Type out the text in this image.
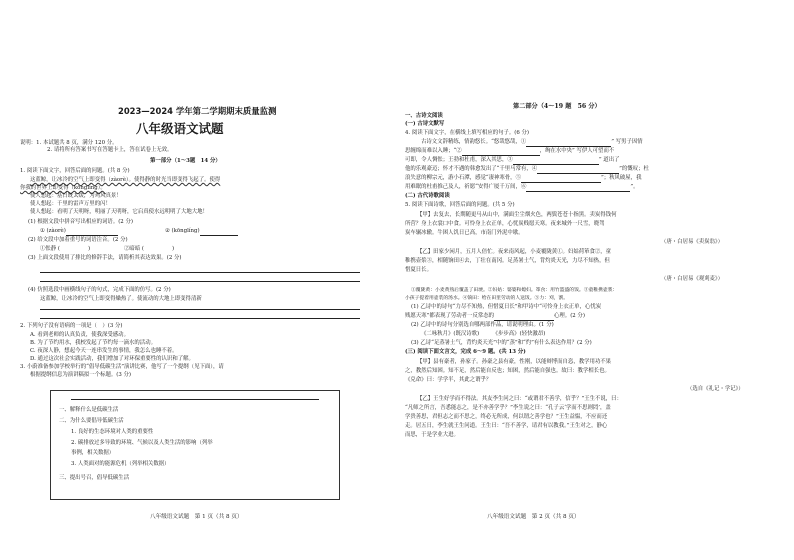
2023—2024 学年第二学期期末质量监测
八年级语文试题
说明：1. 本试题共 8 页，满分 120 分。
2. 请将所有答案书写在答题卡上，答在试卷上无效。
第一部分（1～3题　14 分）
1. 阅读下面文字，回答后面的问题。(共 8 分)
这蓝鲸，让冰冷的空气上即变得（zàorè）。使得静的时光当即变得飞起了。使得
你我的世界上即变得（kōnglíng）。
使人想起：基日既太缓，为鸡风真景！
使人想起：千里的雷声万里的闪！
使人想起：看明了天明呀，明丽了天明呀，它启真使水远明明了大地大地！
(1) 根据文段中拼音写出相应的词语。(2 分)
① (zàorè)	② (kōnglíng)
(2) 给文段中加着重号的词语注音。(2 分)
①怅静 (	)	②暗暗 (	)
(3) 上面文段使用了排比的修辞手法，请简析其表达效果。(2 分)
(4) 仿照选段中画横线句子的句式，完成下面的仿写。(2 分)
这蓝鲸，让冰冷的空气上即变得燥热了。使流动的大地上即变得清新
2. 下列句子没有语病的一项是（　）(3 分)
A. 看到老师的认真负责，使我深受感动。
B. 为了节约用水，我校发起了节约每一滴水的活动。
C. 夜深人静，想起今天一连串发生的事情，我怎么也睡不着。
D. 通过这次社会实践活动，我们增加了对环保重要性的认识和了解。
3. 小蔚准备参加学校举行的“倡导低碳生活”演讲比赛，他写了一个提纲（见下面），请
根据提纲信息为演讲稿拟一个标题。(3 分)
一、解释什么是低碳生活
二、为什么要倡导低碳生活
1. 良好的生态环境对人类的重要性
2. 碳排放过多导致的环境、气候以及人类生活的影响（列举
事例，相关数据）
3. 人类面对的能源危机（列举相关数据）
三、提出号召，倡导低碳生活
八年级语文试题　第 1 页（共 8 页）
第二部分（4～19 题　56 分）
一、古诗文阅读
(一) 古诗文默写
4. 阅读下面文字，在横线上填写相应的句子。(6 分)
古诗文文辞精练，情韵悠长。“悠哉悠哉，①	” 写男子因情
思缠绵而难以入睡；“②	，绚在水中央” 写伊人可望而不
可即，令人惆怅；王勃和杜甫，深入其思，③	” 道出了
他的乐观豪迈；怀才不遇的韩愈发出了“千里马常有，④	”的慨叹；杜
浪失意的柳宗元，游小石潭，感觉“凄神寒骨，⑤	”；秋风破屋，我
用难眠的杜甫推己及人，祈愿“安得广厦千万间，⑥	”。
(二) 古代诗歌阅读
5. 阅读下面诗歌，回答后面的问题。(共 5 分)
【甲】去复去，长期随更马从山中，满面尘尘烟火色，两鬓苍苍十指黑。卖炭得钱何
所营？身上衣裳口中食。可怜身上衣正单，心忧炭贱愿天寒。夜来城外一尺雪，晓驾
炭车辗冰辙。牛困人饥日已高，市南门外泥中歇。
（唐・白居易《卖炭翁》）
【乙】田家少闲月，五月人倍忙。夜来南风起，小麦覆陇黄①。妇姑荷箪食②，童
稚携壶浆③，相随饷田④去，丁壮在南冈。足蒸暑土气，背灼炎天光，力尽不知热，但
惜夏日长。
（唐・白居易《观刈麦》）
①覆陇黄：小麦黄熟后覆盖了田埂。②妇姑：婆婆和媳妇。箪食：用竹篮盛的饭。③童稚携壶浆：
小孩子提着用壶装的汤水。④饷田：给在田里劳动的人送饭。⑤力：刈，割。
(1) 乙诗中的诗句“力尽不知热，但惜夏日长”和甲诗中“可怜身上衣正单，心忧炭
贱愿天寒”都表现了劳动者一反常态的	心理。(2 分)
(2) 乙诗中的诗句分别选自哪两部作品，请说明理由。(1 分)
《二咏秋月》(既汉诗歌)　　　《步步高》(轻快激昂)
(3) 乙诗“足蒸暑土气，背灼炎天光”中的“蒸”和“灼”有什么表达作用？(2 分)
(三) 阅读下面文言文，完成 6～9 题。(共 13 分)
【甲】县有豪者，孙家子。孙豪之县有豪，性刚，以能辩博而自恣，教学用功不果
之，教然后知困。知不足，然后能自反也；知困，然后能自强也。故曰：教学相长也。
《兑命》曰：学学半，其此之谓乎？
（选自《礼记・学记》）
【乙】王生好学而不得法。其友李生问之曰：“或谓君不善学，信乎？”王生不说，曰：
“凡师之所言，吾悉能志之，是不亦善学乎？”李生说之曰：“孔子云‘学而不思则罔’，盖
学贵善思，君但志之而不思之，终必无所成，何以谓之善学也？”王生益愠，不应而还
走。居五日，李生就王生问道。王生曰：“吾不善学，请君有以教我。”王生对之，静心
而思，于是学业大进。
八年级语文试题　第 2 页（共 8 页）
